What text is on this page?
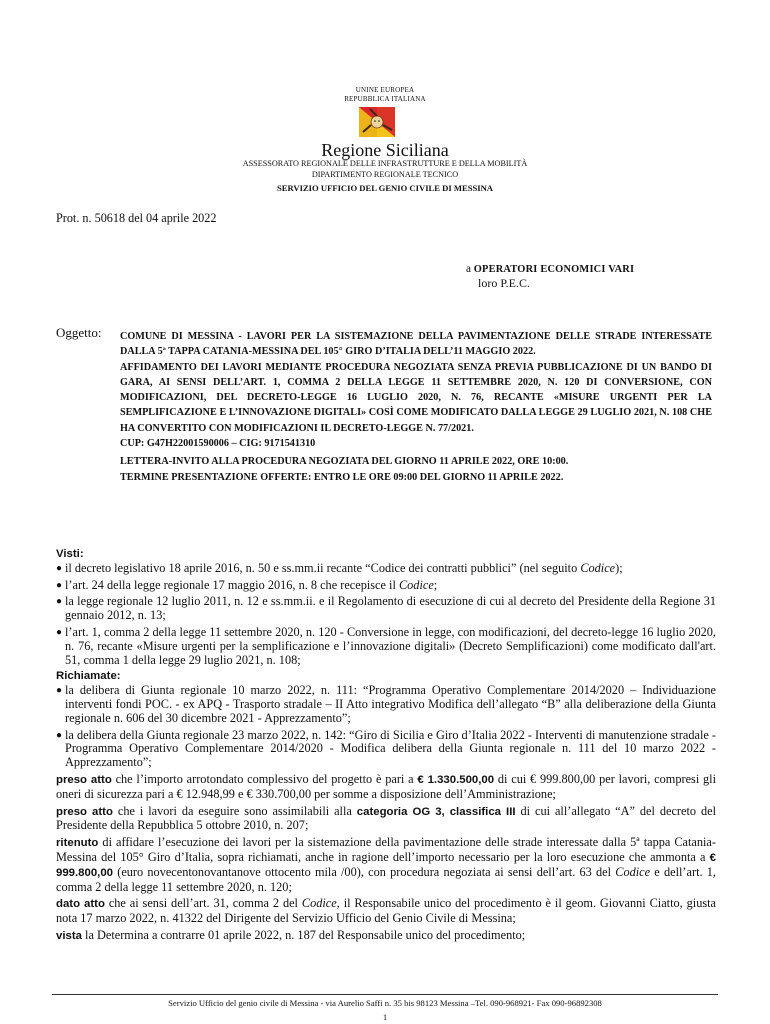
UNINE EUROPEA
REPUBBLICA ITALIANA
Regione Siciliana
ASSESSORATO REGIONALE DELLE INFRASTRUTTURE E DELLA MOBILITÀ
DIPARTIMENTO REGIONALE TECNICO
SERVIZIO UFFICIO DEL GENIO CIVILE DI MESSINA
Prot. n. 50618 del 04 aprile 2022
a OPERATORI ECONOMICI VARI
loro P.E.C.
Oggetto: COMUNE DI MESSINA - LAVORI PER LA SISTEMAZIONE DELLA PAVIMENTAZIONE DELLE STRADE INTERESSATE DALLA 5ª TAPPA CATANIA-MESSINA DEL 105° GIRO D’ITALIA DELL’11 MAGGIO 2022.

AFFIDAMENTO DEI LAVORI MEDIANTE PROCEDURA NEGOZIATA SENZA PREVIA PUBBLICAZIONE DI UN BANDO DI GARA, AI SENSI DELL’ART. 1, COMMA 2 DELLA LEGGE 11 SETTEMBRE 2020, N. 120 DI CONVERSIONE, CON MODIFICAZIONI, DEL DECRETO-LEGGE 16 LUGLIO 2020, N. 76, RECANTE «MISURE URGENTI PER LA SEMPLIFICAZIONE E L’INNOVAZIONE DIGITALI» COSÌ COME MODIFICATO DALLA LEGGE 29 LUGLIO 2021, N. 108 CHE HA CONVERTITO CON MODIFICAZIONI IL DECRETO-LEGGE N. 77/2021.

CUP: G47H22001590006 – CIG: 9171541310

LETTERA-INVITO ALLA PROCEDURA NEGOZIATA DEL GIORNO 11 APRILE 2022, ORE 10:00.

TERMINE PRESENTAZIONE OFFERTE: ENTRO LE ORE 09:00 DEL GIORNO 11 APRILE 2022.

Visti:

● il decreto legislativo 18 aprile 2016, n. 50 e ss.mm.ii recante “Codice dei contratti pubblici” (nel seguito Codice);
● l’art. 24 della legge regionale 17 maggio 2016, n. 8 che recepisce il Codice;
● la legge regionale 12 luglio 2011, n. 12 e ss.mm.ii. e il Regolamento di esecuzione di cui al decreto del Presidente della Regione 31 gennaio 2012, n. 13;
● l’art. 1, comma 2 della legge 11 settembre 2020, n. 120 - Conversione in legge, con modificazioni, del decreto-legge 16 luglio 2020, n. 76, recante «Misure urgenti per la semplificazione e l’innovazione digitali» (Decreto Semplificazioni) come modificato dall'art. 51, comma 1 della legge 29 luglio 2021, n. 108;

Richiamate:

● la delibera di Giunta regionale 10 marzo 2022, n. 111: “Programma Operativo Complementare 2014/2020 – Individuazione interventi fondi POC. - ex APQ - Trasporto stradale – II Atto integrativo Modifica dell’allegato “B” alla deliberazione della Giunta regionale n. 606 del 30 dicembre 2021 - Apprezzamento”;
● la delibera della Giunta regionale 23 marzo 2022, n. 142: “Giro di Sicilia e Giro d’Italia 2022 - Interventi di manutenzione stradale - Programma Operativo Complementare 2014/2020 - Modifica delibera della Giunta regionale n. 111 del 10 marzo 2022 - Apprezzamento”;

preso atto che l’importo arrotondato complessivo del progetto è pari a € 1.330.500,00 di cui € 999.800,00 per lavori, compresi gli oneri di sicurezza pari a € 12.948,99 e € 330.700,00 per somme a disposizione dell’Amministrazione;

preso atto che i lavori da eseguire sono assimilabili alla categoria OG 3, classifica III di cui all’allegato “A” del decreto del Presidente della Repubblica 5 ottobre 2010, n. 207;

ritenuto di affidare l’esecuzione dei lavori per la sistemazione della pavimentazione delle strade interessate dalla 5ª tappa Catania-Messina del 105° Giro d’Italia, sopra richiamati, anche in ragione dell’importo necessario per la loro esecuzione che ammonta a € 999.800,00 (euro novecentonovantanove ottocento mila /00), con procedura negoziata ai sensi dell’art. 63 del Codice e dell’art. 1, comma 2 della legge 11 settembre 2020, n. 120;

dato atto che ai sensi dell’art. 31, comma 2 del Codice, il Responsabile unico del procedimento è il geom. Giovanni Ciatto, giusta nota 17 marzo 2022, n. 41322 del Dirigente del Servizio Ufficio del Genio Civile di Messina;

vista la Determina a contrarre 01 aprile 2022, n. 187 del Responsabile unico del procedimento;

Servizio Ufficio del genio civile di Messina - via Aurelio Saffi n. 35 bis 98123 Messina –Tel. 090-968921- Fax 090-96892308
1
